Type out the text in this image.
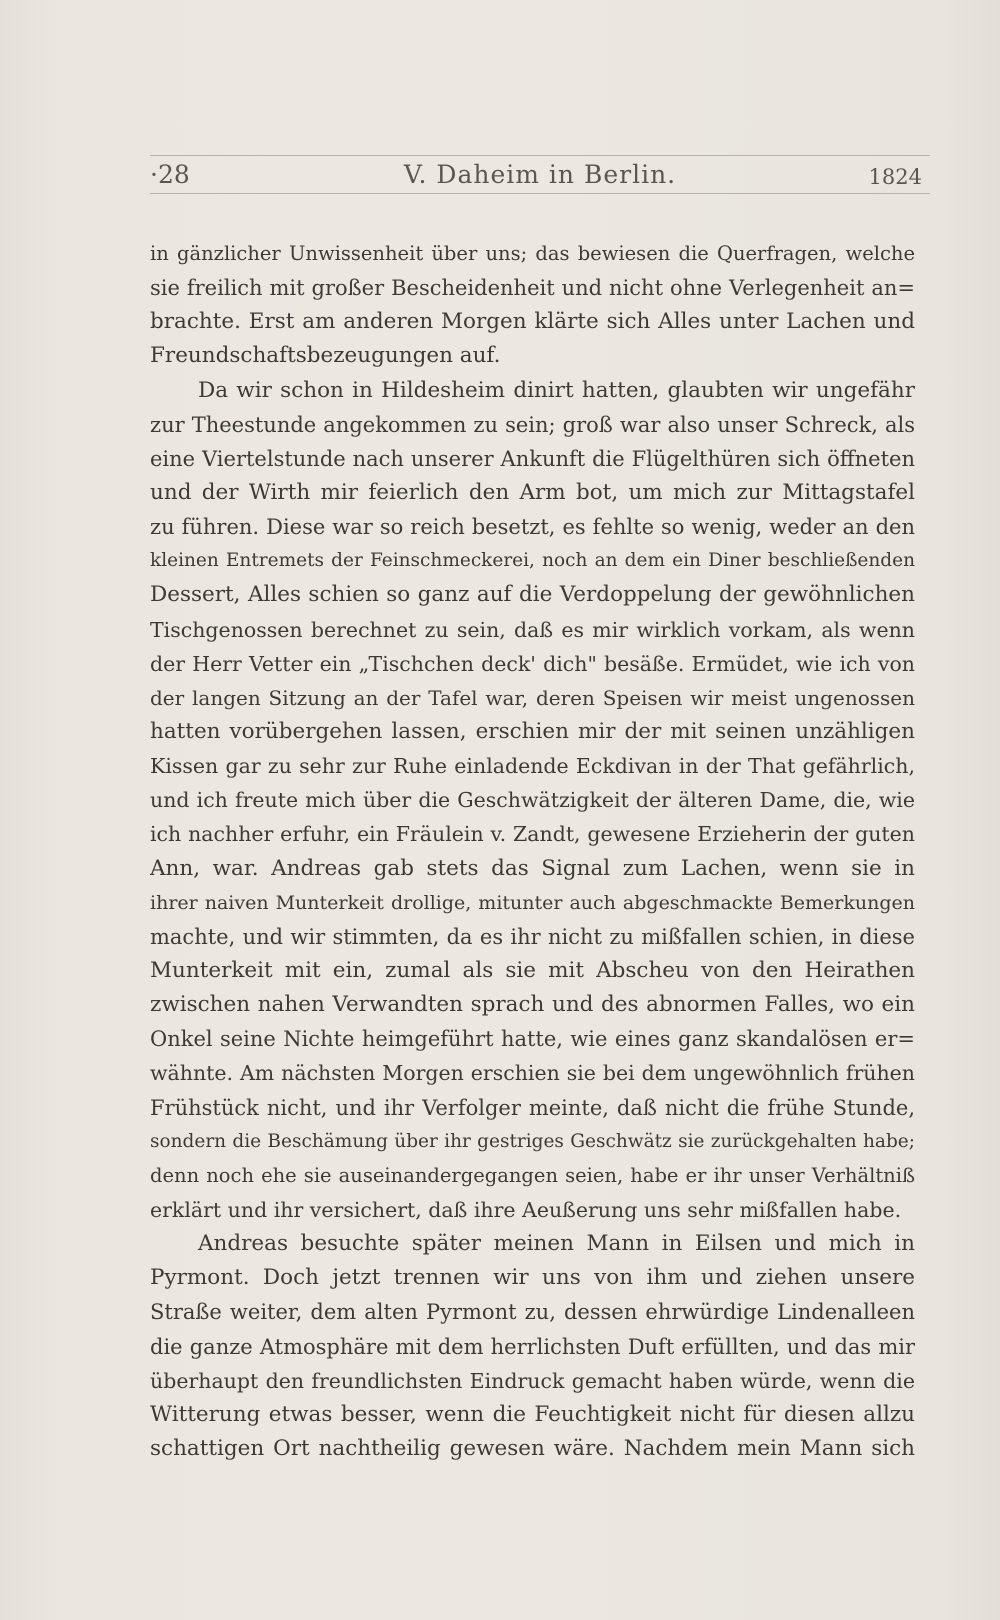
·28	V. Daheim in Berlin.	1824
in gänzlicher Unwissenheit über uns; das bewiesen die Querfragen, welche
sie freilich mit großer Bescheidenheit und nicht ohne Verlegenheit an=
brachte. Erst am anderen Morgen klärte sich Alles unter Lachen und
Freundschaftsbezeugungen auf.
Da wir schon in Hildesheim dinirt hatten, glaubten wir ungefähr
zur Theestunde angekommen zu sein; groß war also unser Schreck, als
eine Viertelstunde nach unserer Ankunft die Flügelthüren sich öffneten
und der Wirth mir feierlich den Arm bot, um mich zur Mittagstafel
zu führen. Diese war so reich besetzt, es fehlte so wenig, weder an den
kleinen Entremets der Feinschmeckerei, noch an dem ein Diner beschließenden
Dessert, Alles schien so ganz auf die Verdoppelung der gewöhnlichen
Tischgenossen berechnet zu sein, daß es mir wirklich vorkam, als wenn
der Herr Vetter ein „Tischchen deck' dich" besäße. Ermüdet, wie ich von
der langen Sitzung an der Tafel war, deren Speisen wir meist ungenossen
hatten vorübergehen lassen, erschien mir der mit seinen unzähligen
Kissen gar zu sehr zur Ruhe einladende Eckdivan in der That gefährlich,
und ich freute mich über die Geschwätzigkeit der älteren Dame, die, wie
ich nachher erfuhr, ein Fräulein v. Zandt, gewesene Erzieherin der guten
Ann, war. Andreas gab stets das Signal zum Lachen, wenn sie in
ihrer naiven Munterkeit drollige, mitunter auch abgeschmackte Bemerkungen
machte, und wir stimmten, da es ihr nicht zu mißfallen schien, in diese
Munterkeit mit ein, zumal als sie mit Abscheu von den Heirathen
zwischen nahen Verwandten sprach und des abnormen Falles, wo ein
Onkel seine Nichte heimgeführt hatte, wie eines ganz skandalösen er=
wähnte. Am nächsten Morgen erschien sie bei dem ungewöhnlich frühen
Frühstück nicht, und ihr Verfolger meinte, daß nicht die frühe Stunde,
sondern die Beschämung über ihr gestriges Geschwätz sie zurückgehalten habe;
denn noch ehe sie auseinandergegangen seien, habe er ihr unser Verhältniß
erklärt und ihr versichert, daß ihre Aeußerung uns sehr mißfallen habe.
Andreas besuchte später meinen Mann in Eilsen und mich in
Pyrmont. Doch jetzt trennen wir uns von ihm und ziehen unsere
Straße weiter, dem alten Pyrmont zu, dessen ehrwürdige Lindenalleen
die ganze Atmosphäre mit dem herrlichsten Duft erfüllten, und das mir
überhaupt den freundlichsten Eindruck gemacht haben würde, wenn die
Witterung etwas besser, wenn die Feuchtigkeit nicht für diesen allzu
schattigen Ort nachtheilig gewesen wäre. Nachdem mein Mann sich
